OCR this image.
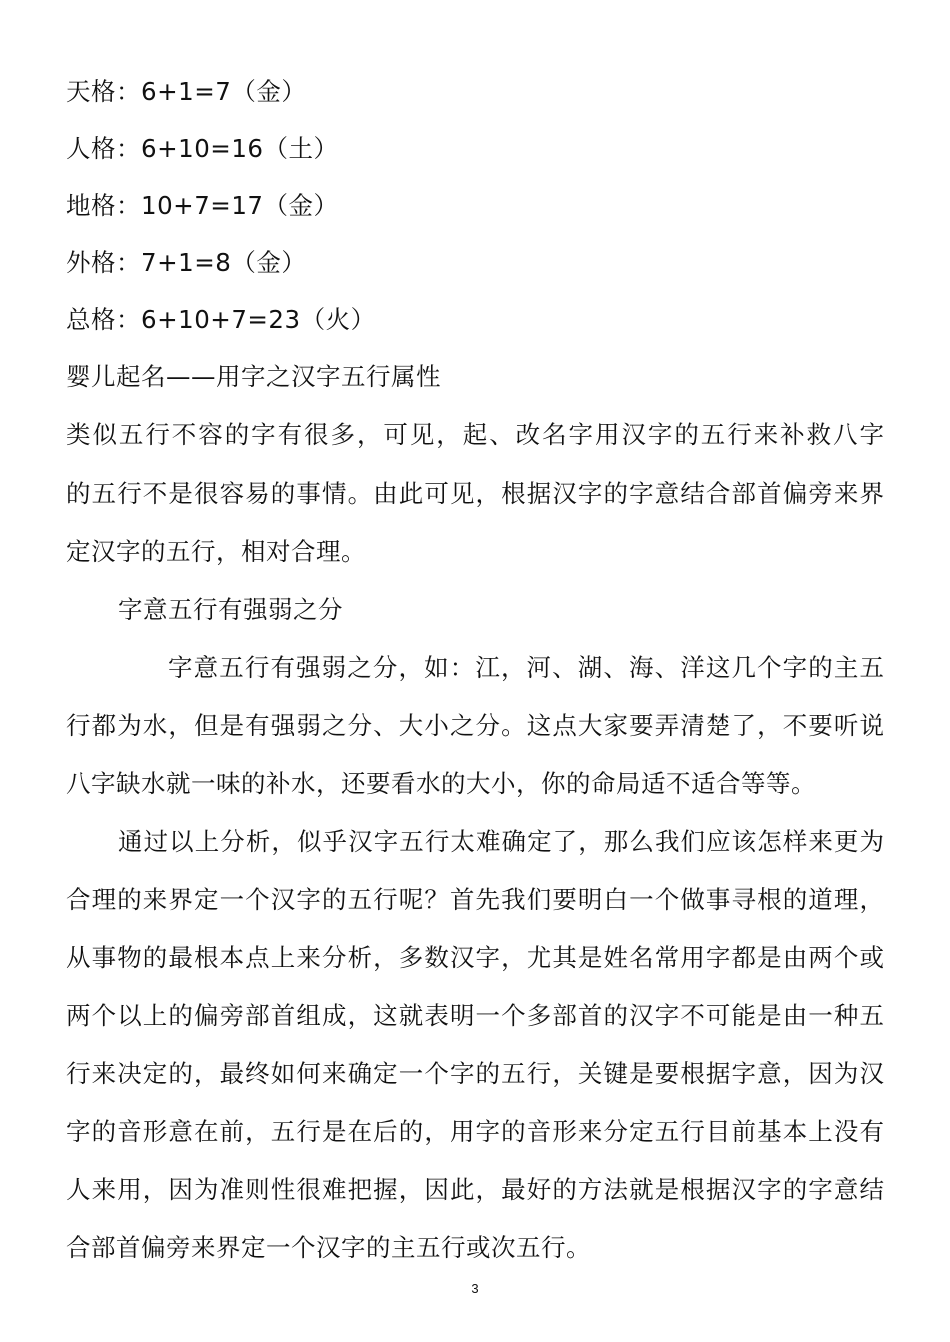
天格：6+1=7（金）
人格：6+10=16（土）
地格：10+7=17（金）
外格：7+1=8（金）
总格：6+10+7=23（火）
婴儿起名——用字之汉字五行属性
类似五行不容的字有很多，可见，起、改名字用汉字的五行来补救八字
的五行不是很容易的事情。由此可见，根据汉字的字意结合部首偏旁来界
定汉字的五行，相对合理。
字意五行有强弱之分
字意五行有强弱之分，如：江，河、湖、海、洋这几个字的主五
行都为水，但是有强弱之分、大小之分。这点大家要弄清楚了，不要听说
八字缺水就一味的补水，还要看水的大小，你的命局适不适合等等。
通过以上分析，似乎汉字五行太难确定了，那么我们应该怎样来更为
合理的来界定一个汉字的五行呢？首先我们要明白一个做事寻根的道理，
从事物的最根本点上来分析，多数汉字，尤其是姓名常用字都是由两个或
两个以上的偏旁部首组成，这就表明一个多部首的汉字不可能是由一种五
行来决定的，最终如何来确定一个字的五行，关键是要根据字意，因为汉
字的音形意在前，五行是在后的，用字的音形来分定五行目前基本上没有
人来用，因为准则性很难把握，因此，最好的方法就是根据汉字的字意结
合部首偏旁来界定一个汉字的主五行或次五行。
3
